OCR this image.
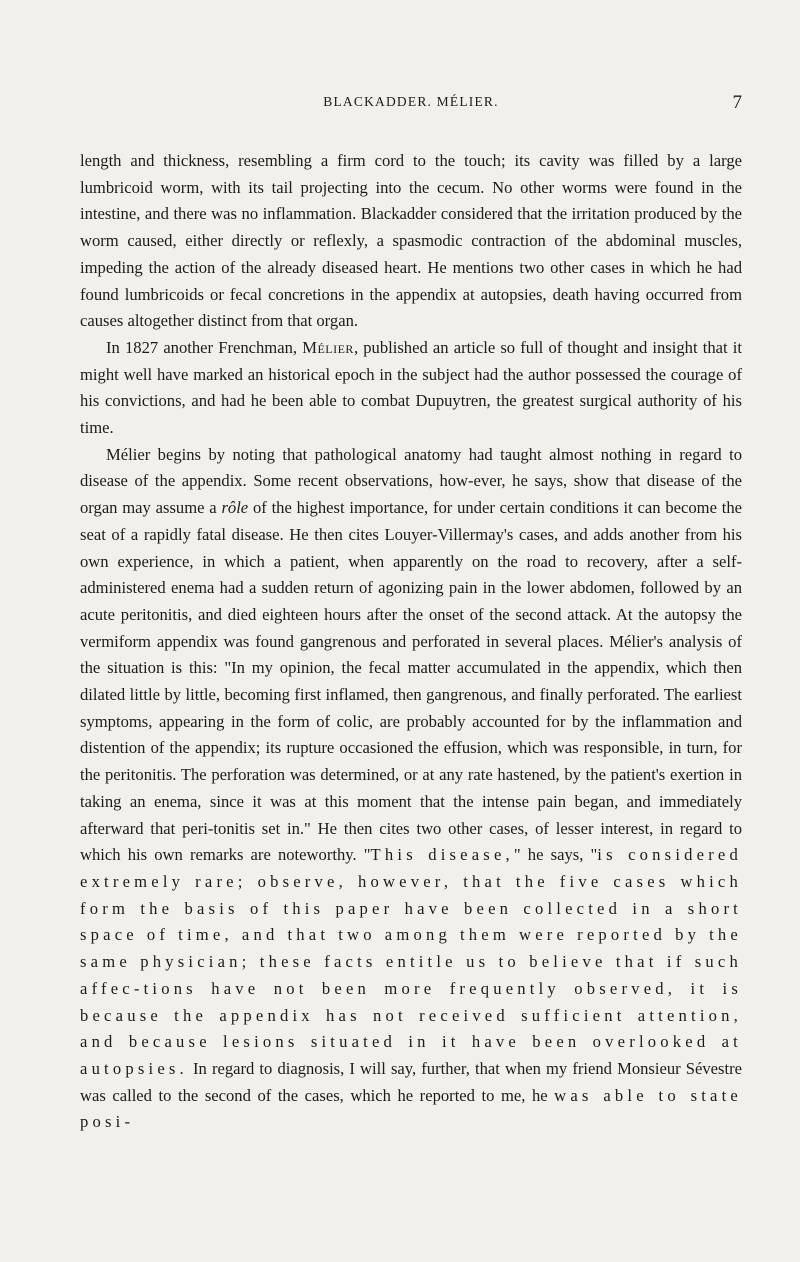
BLACKADDER. MÉLIER.	7

length and thickness, resembling a firm cord to the touch; its cavity was filled by a large lumbricoid worm, with its tail projecting into the cecum. No other worms were found in the intestine, and there was no inflammation. Blackadder considered that the irritation produced by the worm caused, either directly or reflexly, a spasmodic contraction of the abdominal muscles, impeding the action of the already diseased heart. He mentions two other cases in which he had found lumbricoids or fecal concretions in the appendix at autopsies, death having occurred from causes altogether distinct from that organ.

In 1827 another Frenchman, Mélier, published an article so full of thought and insight that it might well have marked an historical epoch in the subject had the author possessed the courage of his convictions, and had he been able to combat Dupuytren, the greatest surgical authority of his time.

Mélier begins by noting that pathological anatomy had taught almost nothing in regard to disease of the appendix. Some recent observations, how-ever, he says, show that disease of the organ may assume a rôle of the highest importance, for under certain conditions it can become the seat of a rapidly fatal disease. He then cites Louyer-Villermay's cases, and adds another from his own experience, in which a patient, when apparently on the road to recovery, after a self-administered enema had a sudden return of agonizing pain in the lower abdomen, followed by an acute peritonitis, and died eighteen hours after the onset of the second attack. At the autopsy the vermiform appendix was found gangrenous and perforated in several places. Mélier's analysis of the situation is this: "In my opinion, the fecal matter accumulated in the appendix, which then dilated little by little, becoming first inflamed, then gangrenous, and finally perforated. The earliest symptoms, appearing in the form of colic, are probably accounted for by the inflammation and distention of the appendix; its rupture occasioned the effusion, which was responsible, in turn, for the peritonitis. The perforation was determined, or at any rate hastened, by the patient's exertion in taking an enema, since it was at this moment that the intense pain began, and immediately afterward that peri-tonitis set in." He then cites two other cases, of lesser interest, in regard to which his own remarks are noteworthy. "This disease," he says, "is considered extremely rare; observe, however, that the five cases which form the basis of this paper have been collected in a short space of time, and that two among them were reported by the same physician; these facts entitle us to believe that if such affec-tions have not been more frequently observed, it is because the appendix has not received sufficient attention, and because lesions situated in it have been overlooked at autopsies. In regard to diagnosis, I will say, further, that when my friend Monsieur Sévestre was called to the second of the cases, which he reported to me, he was able to state posi-
